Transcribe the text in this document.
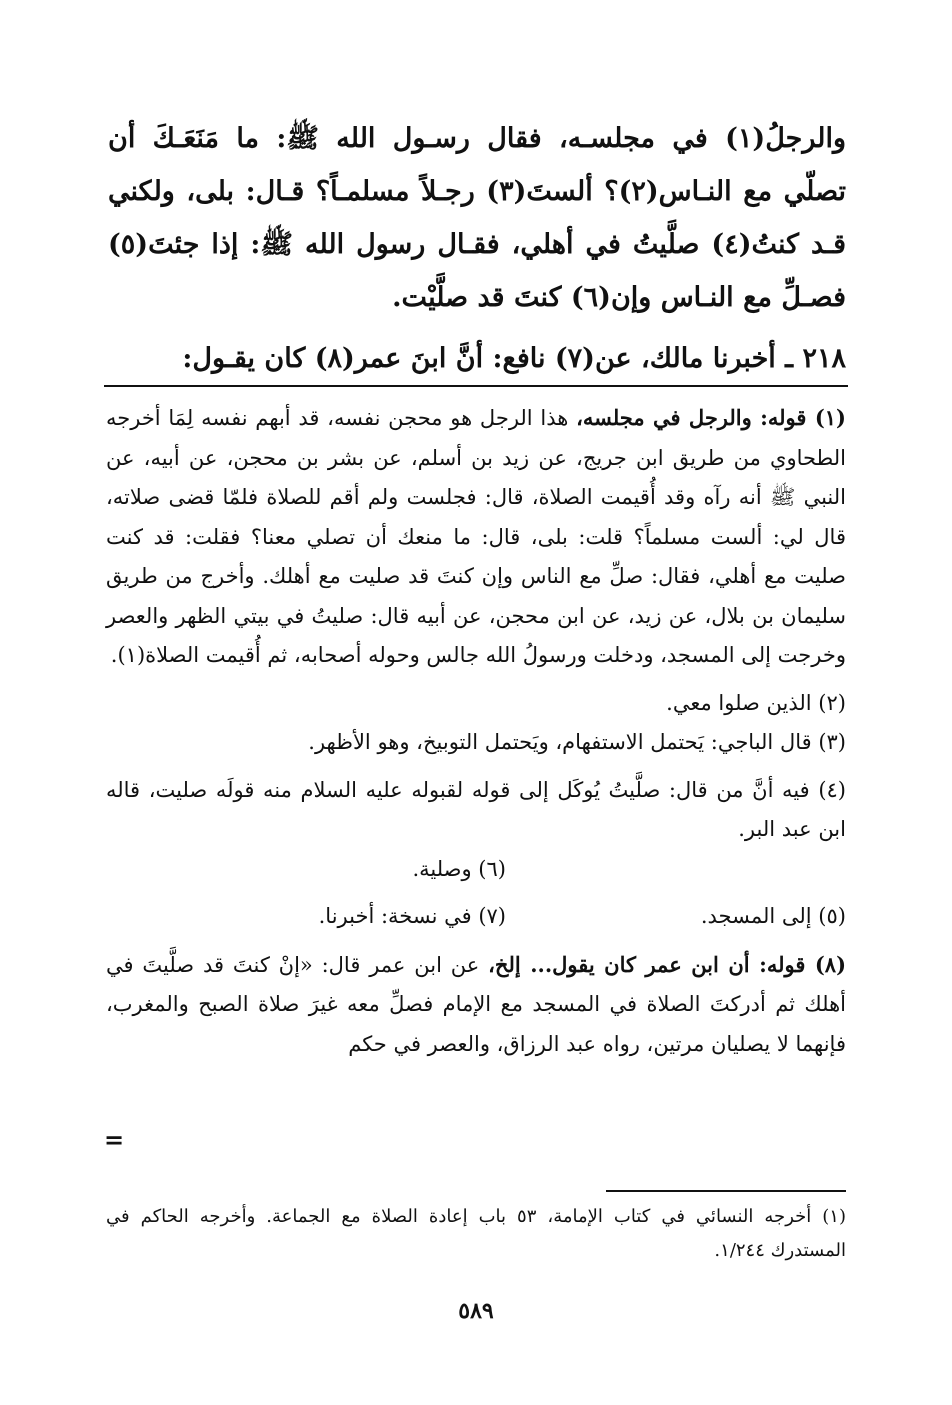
والرجلُ(١) في مجلسـه، فقال رسـول الله ﷺ: ما مَنَعَـكَ أن تصلّي مع النـاس(٢)؟ ألستَ(٣) رجـلاً مسلمـاً؟ قـال: بلى، ولكني قـد كنتُ(٤) صلَّيتُ في أهلي، فقـال رسول الله ﷺ: إذا جئتَ(٥) فصـلِّ مع النـاس وإن(٦) كنتَ قد صلَّيْت.

٢١٨ ـ أخبرنا مالك، عن(٧) نافع: أنَّ ابنَ عمر(٨) كان يقـول:

(١) قوله: والرجل في مجلسه، هذا الرجل هو محجن نفسه، قد أبهم نفسه لِمَا أخرجه الطحاوي من طريق ابن جريج، عن زيد بن أسلم، عن بشر بن محجن، عن أبيه، عن النبي ﷺ أنه رآه وقد أُقيمت الصلاة، قال: فجلست ولم أقم للصلاة فلمّا قضى صلاته، قال لي: ألست مسلماً؟ قلت: بلى، قال: ما منعك أن تصلي معنا؟ فقلت: قد كنت صليت مع أهلي، فقال: صلِّ مع الناس وإن كنتَ قد صليت مع أهلك. وأخرج من طريق سليمان بن بلال، عن زيد، عن ابن محجن، عن أبيه قال: صليتُ في بيتي الظهر والعصر وخرجت إلى المسجد، ودخلت ورسولُ الله جالس وحوله أصحابه، ثم أُقيمت الصلاة(١).

(٢) الذين صلوا معي.

(٣) قال الباجي: يَحتمل الاستفهام، ويَحتمل التوبيخ، وهو الأظهر.

(٤) فيه أنَّ من قال: صلَّيتُ يُوكَل إلى قوله لقبوله عليه السلام منه قولَه صليت، قاله ابن عبد البر.

(٦) وصلية.
(٥) إلى المسجد.
(٧) في نسخة: أخبرنا.

(٨) قوله: أن ابن عمر كان يقول... إلخ، عن ابن عمر قال: «إنْ كنتَ قد صلَّيتَ في أهلك ثم أدركتَ الصلاة في المسجد مع الإمام فصلِّ معه غيرَ صلاة الصبح والمغرب، فإنهما لا يصليان مرتين، رواه عبد الرزاق، والعصر في حكم

=

(١) أخرجه النسائي في كتاب الإمامة، ٥٣ باب إعادة الصلاة مع الجماعة. وأخرجه الحاكم في المستدرك ١/٢٤٤.

٥٨٩
